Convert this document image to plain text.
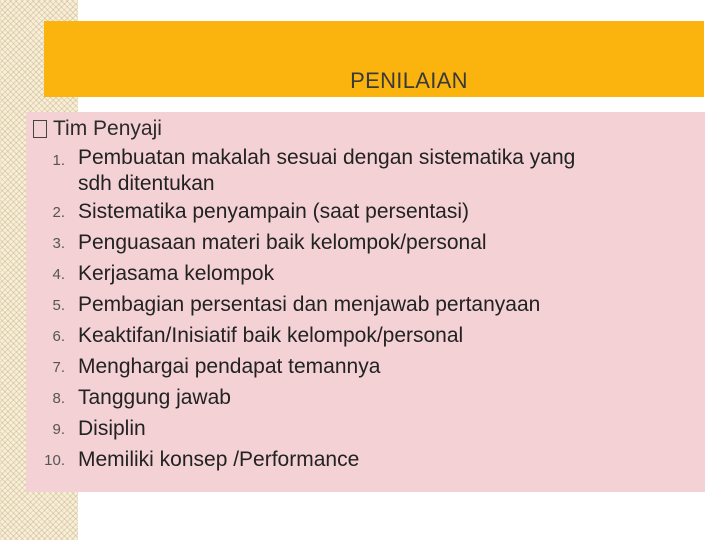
PENILAIAN
Tim Penyaji
1. Pembuatan makalah sesuai dengan sistematika yang
sdh ditentukan
2. Sistematika penyampain (saat persentasi)
3. Penguasaan materi baik kelompok/personal
4. Kerjasama kelompok
5. Pembagian persentasi dan menjawab pertanyaan
6. Keaktifan/Inisiatif baik kelompok/personal
7. Menghargai pendapat temannya
8. Tanggung jawab
9. Disiplin
10. Memiliki konsep /Performance
